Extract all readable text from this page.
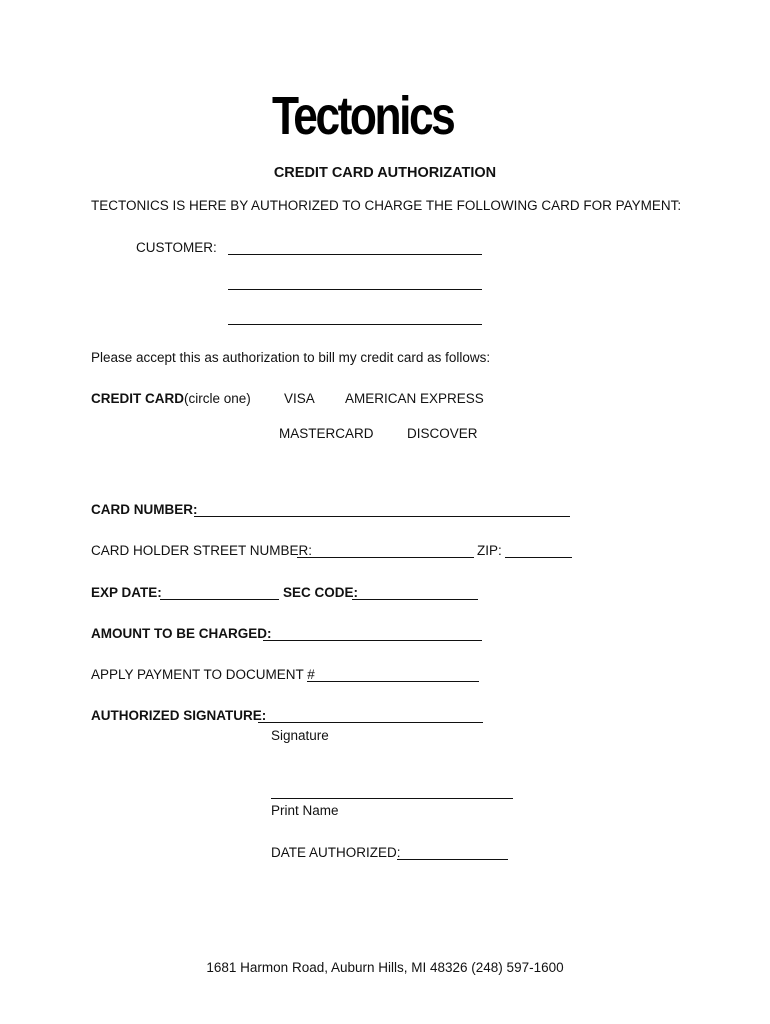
Tectonics
CREDIT CARD AUTHORIZATION
TECTONICS IS HERE BY AUTHORIZED TO CHARGE THE FOLLOWING CARD FOR PAYMENT:
CUSTOMER:
Please accept this as authorization to bill my credit card as follows:
CREDIT CARD (circle one) VISA AMERICAN EXPRESS
MASTERCARD DISCOVER
CARD NUMBER:
CARD HOLDER STREET NUMBER:	ZIP:
EXP DATE:	SEC CODE:
AMOUNT TO BE CHARGED:
APPLY PAYMENT TO DOCUMENT #
AUTHORIZED SIGNATURE:
Signature
Print Name
DATE AUTHORIZED:
1681 Harmon Road, Auburn Hills, MI 48326 (248) 597-1600
